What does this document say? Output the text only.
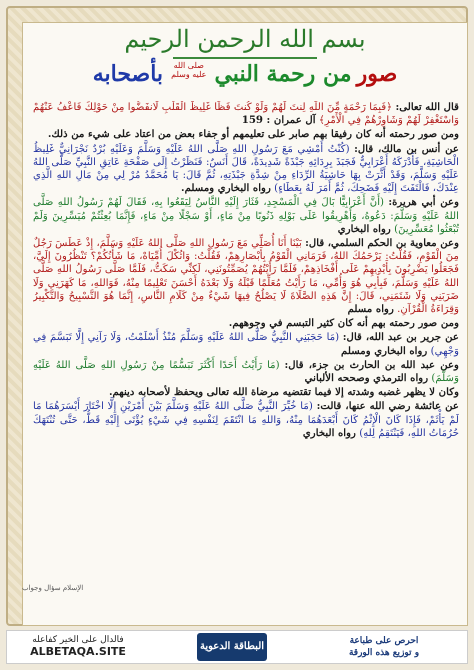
بسم الله الرحمن الرحيم
صور من رحمة النبي صلى الله
عليه وسلم بأصحابه

قال الله تعالى: ﴿فَبِمَا رَحْمَةٍ مِّنَ اللَّهِ لِنتَ لَهُمْ وَلَوْ كُنتَ فَظًّا غَلِيظَ الْقَلْبِ لَانفَضُّوا مِنْ حَوْلِكَ فَاعْفُ عَنْهُمْ وَاسْتَغْفِرْ لَهُمْ وَشَاوِرْهُمْ فِي الْأَمْرِ﴾ آل عمران : 159

ومن صور رحمته أنه كان رفيقا بهم صابر على تعليمهم أو جفاء بعض من اعتاد على شيء من ذلك.

عن أنس بن مالك، قال: (كُنْتُ أَمْشِي مَعَ رَسُولِ اللهِ صَلَّى اللهُ عَلَيْهِ وَسَلَّمَ وَعَلَيْهِ بُرْدٌ نَجْرَانِيٌّ غَلِيظُ الْحَاشِيَةِ، فَأَدْرَكَهُ أَعْرَابِيٌّ فَجَبَذَ بِرِدَائِهِ جَبْذَةً شَدِيدَةً، قَالَ أَنَسٌ: فَنَظَرْتُ إِلَى صَفْحَةِ عَاتِقِ النَّبِيِّ صَلَّى اللهُ عَلَيْهِ وَسَلَّمَ، وَقَدْ أَثَّرَتْ بِهَا حَاشِيَةُ الرِّدَاءِ مِنْ شِدَّةِ جَبْذَتِهِ، ثُمَّ قَالَ: يَا مُحَمَّدُ مُرْ لِي مِنْ مَالِ اللهِ الَّذِي عِنْدَكَ، فَالْتَفَتَ إِلَيْهِ فَضَحِكَ، ثُمَّ أَمَرَ لَهُ بِعَطَاءٍ) رواه البخاري ومسلم.

وعن أبي هريرة: (أَنَّ أَعْرَابِيًّا بَالَ فِي الْمَسْجِدِ، فَثَارَ إِلَيْهِ النَّاسُ لِيَقَعُوا بِهِ، فَقَالَ لَهُمْ رَسُولُ اللهِ صَلَّى اللهُ عَلَيْهِ وَسَلَّمَ: دَعُوهُ، وَأَهْرِيقُوا عَلَى بَوْلِهِ ذَنُوبًا مِنْ مَاءٍ، أَوْ سَجْلًا مِنْ مَاءٍ، فَإِنَّمَا بُعِثْتُمْ مُيَسِّرِينَ وَلَمْ تُبْعَثُوا مُعَسِّرِينَ) رواه البخاري

وعن معاوية بن الحكم السلمي، قال: بَيْنَا أَنَا أُصَلِّي مَعَ رَسُولِ اللهِ صَلَّى اللهُ عَلَيْهِ وَسَلَّمَ، إِذْ عَطَسَ رَجُلٌ مِنَ الْقَوْمِ، فَقُلْتُ: يَرْحَمُكَ اللهُ، فَرَمَانِي الْقَوْمُ بِأَبْصَارِهِمْ، فَقُلْتُ: وَاثُكْلَ أُمِّيَاهْ، مَا شَأْنُكُمْ؟ تَنْظُرُونَ إِلَيَّ، فَجَعَلُوا يَضْرِبُونَ بِأَيْدِيهِمْ عَلَى أَفْخَاذِهِمْ، فَلَمَّا رَأَيْتُهُمْ يُصَمِّتُونَنِي، لَكِنِّي سَكَتُّ، فَلَمَّا صَلَّى رَسُولُ اللهِ صَلَّى اللهُ عَلَيْهِ وَسَلَّمَ، فَبِأَبِي هُوَ وَأُمِّي، مَا رَأَيْتُ مُعَلِّمًا قَبْلَهُ وَلَا بَعْدَهُ أَحْسَنَ تَعْلِيمًا مِنْهُ، فَوَاللهِ، مَا كَهَرَنِي وَلَا ضَرَبَنِي وَلَا شَتَمَنِي، قَالَ: إِنَّ هَذِهِ الصَّلَاةَ لَا يَصْلُحُ فِيهَا شَيْءٌ مِنْ كَلَامِ النَّاسِ، إِنَّمَا هُوَ التَّسْبِيحُ وَالتَّكْبِيرُ وَقِرَاءَةُ الْقُرْآنِ. رواه مسلم

ومن صور رحمته بهم أنه كان كثير التبسم في وجوههم.

عن جرير بن عبد الله، قال: (مَا حَجَبَنِي النَّبِيُّ صَلَّى اللهُ عَلَيْهِ وَسَلَّمَ مُنْذُ أَسْلَمْتُ، وَلَا رَآنِي إِلَّا تَبَسَّمَ فِي وَجْهِي) رواه البخاري ومسلم

وعن عبد الله بن الحارث بن جزء، قال: (مَا رَأَيْتُ أَحَدًا أَكْثَرَ تَبَسُّمًا مِنْ رَسُولِ اللهِ صَلَّى اللهُ عَلَيْهِ وَسَلَّمَ) رواه الترمذي وصححه الألباني

وكان لا يظهر غضبه وشدته إلا فيما تقتضيه مرضاة الله تعالى ويحفظ لأصحابه دينهم.

عن عائشة رضي الله عنها، قالت: (مَا خُيِّرَ النَّبِيُّ صَلَّى اللهُ عَلَيْهِ وَسَلَّمَ بَيْنَ أَمْرَيْنِ إِلَّا اخْتَارَ أَيْسَرَهُمَا مَا لَمْ يَأْثَمْ، فَإِذَا كَانَ الْإِثْمُ كَانَ أَبْعَدَهُمَا مِنْهُ، وَاللهِ مَا انْتَقَمَ لِنَفْسِهِ فِي شَيْءٍ يُؤْتَى إِلَيْهِ قَطُّ، حَتَّى تُنْتَهَكَ حُرُمَاتُ اللهِ، فَيَنْتَقِمُ لِلهِ) رواه البخاري

الإسلام سؤال وجواب
فالدال على الخير كفاعله
ALBETAQA.SITE	البطاقة الدعوية	احرص على طباعة
و توزيع هذه الورقة
